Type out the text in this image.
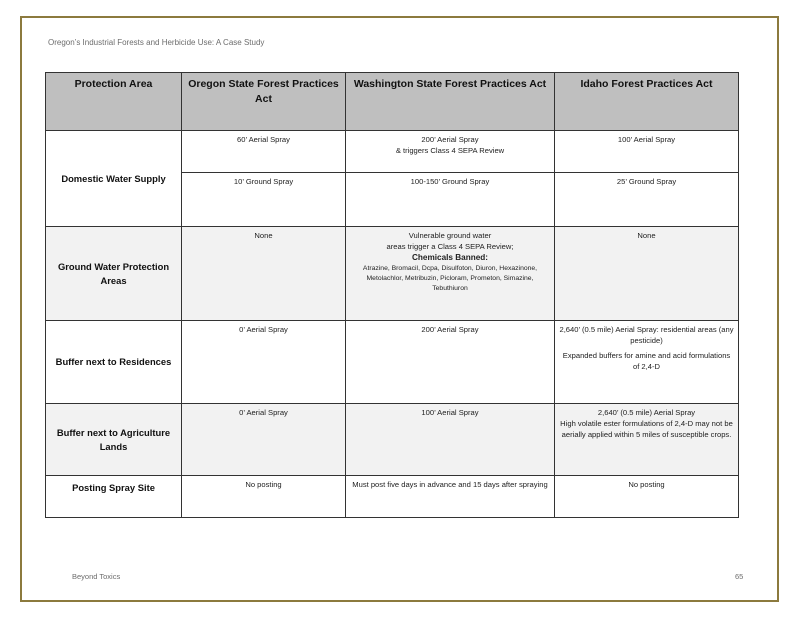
Oregon’s Industrial Forests and Herbicide Use: A Case Study
Protection Area	Oregon State Forest Practices Act	Washington State Forest Practices Act	Idaho Forest Practices Act
Domestic Water Supply	60’ Aerial Spray	200’ Aerial Spray
& triggers Class 4 SEPA Review	100’ Aerial Spray
	10’ Ground Spray	100-150’ Ground Spray	25’ Ground Spray
Ground Water Protection Areas	None	Vulnerable ground water
areas trigger a Class 4 SEPA Review;
Chemicals Banned:
Atrazine, Bromacil, Dcpa, Disulfoton, Diuron, Hexazinone, Metolachlor, Metribuzin, Picloram, Prometon, Simazine, Tebuthiuron	None
Buffer next to Residences	0’ Aerial Spray	200’ Aerial Spray	2,640’ (0.5 mile) Aerial Spray: residential areas (any pesticide)
Expanded buffers for amine and acid formulations of 2,4-D

Buffer next to Agriculture Lands	0’ Aerial Spray	100’ Aerial Spray	2,640’ (0.5 mile) Aerial Spray
High volatile ester formulations of 2,4-D may not be aerially applied within 5 miles of susceptible crops.

Posting Spray Site	No posting	Must post five days in advance and 15 days after spraying	No posting
Beyond Toxics	65
